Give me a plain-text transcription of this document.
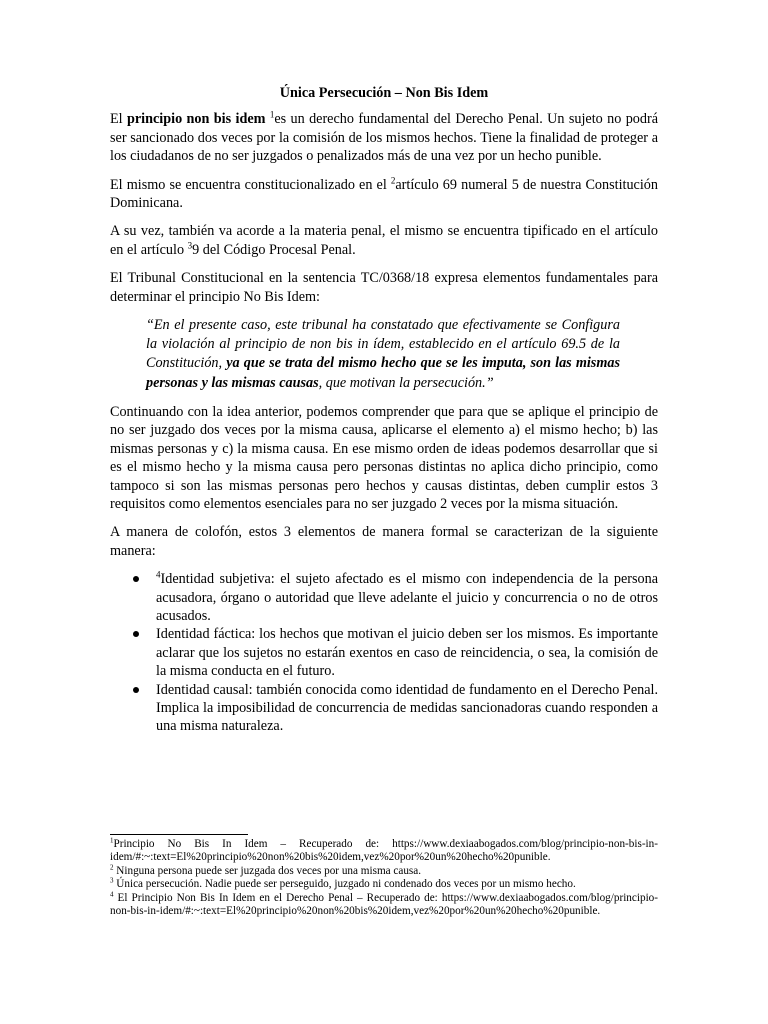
Única Persecución – Non Bis Idem

El principio non bis idem $^1$es un derecho fundamental del Derecho Penal. Un sujeto no podrá ser sancionado dos veces por la comisión de los mismos hechos. Tiene la finalidad de proteger a los ciudadanos de no ser juzgados o penalizados más de una vez por un hecho punible.

El mismo se encuentra constitucionalizado en el $^2$artículo 69 numeral 5 de nuestra Constitución Dominicana.

A su vez, también va acorde a la materia penal, el mismo se encuentra tipificado en el artículo en el artículo $^3$9 del Código Procesal Penal.

El Tribunal Constitucional en la sentencia TC/0368/18 expresa elementos fundamentales para determinar el principio No Bis Idem:

“En el presente caso, este tribunal ha constatado que efectivamente se Configura la violación al principio de non bis in ídem, establecido en el artículo 69.5 de la Constitución, ya que se trata del mismo hecho que se les imputa, son las mismas personas y las mismas causas, que motivan la persecución.”

Continuando con la idea anterior, podemos comprender que para que se aplique el principio de no ser juzgado dos veces por la misma causa, aplicarse el elemento a) el mismo hecho; b) las mismas personas y c) la misma causa. En ese mismo orden de ideas podemos desarrollar que si es el mismo hecho y la misma causa pero personas distintas no aplica dicho principio, como tampoco si son las mismas personas pero hechos y causas distintas, deben cumplir estos 3 requisitos como elementos esenciales para no ser juzgado 2 veces por la misma situación.

A manera de colofón, estos 3 elementos de manera formal se caracterizan de la siguiente manera:

$^4$Identidad subjetiva: el sujeto afectado es el mismo con independencia de la persona acusadora, órgano o autoridad que lleve adelante el juicio y concurrencia o no de otros acusados.
Identidad fáctica: los hechos que motivan el juicio deben ser los mismos. Es importante aclarar que los sujetos no estarán exentos en caso de reincidencia, o sea, la comisión de la misma conducta en el futuro.
Identidad causal: también conocida como identidad de fundamento en el Derecho Penal. Implica la imposibilidad de concurrencia de medidas sancionadoras cuando responden a una misma naturaleza.

$^1$Principio No Bis In Idem – Recuperado de: https://www.dexiaabogados.com/blog/principio-non-bis-in-idem/#:~:text=El%20principio%20non%20bis%20idem,vez%20por%20un%20hecho%20punible.

$^2$ Ninguna persona puede ser juzgada dos veces por una misma causa.

$^3$ Única persecución. Nadie puede ser perseguido, juzgado ni condenado dos veces por un mismo hecho.

$^4$ El Principio Non Bis In Idem en el Derecho Penal – Recuperado de: https://www.dexiaabogados.com/blog/principio-non-bis-in-idem/#:~:text=El%20principio%20non%20bis%20idem,vez%20por%20un%20hecho%20punible.
